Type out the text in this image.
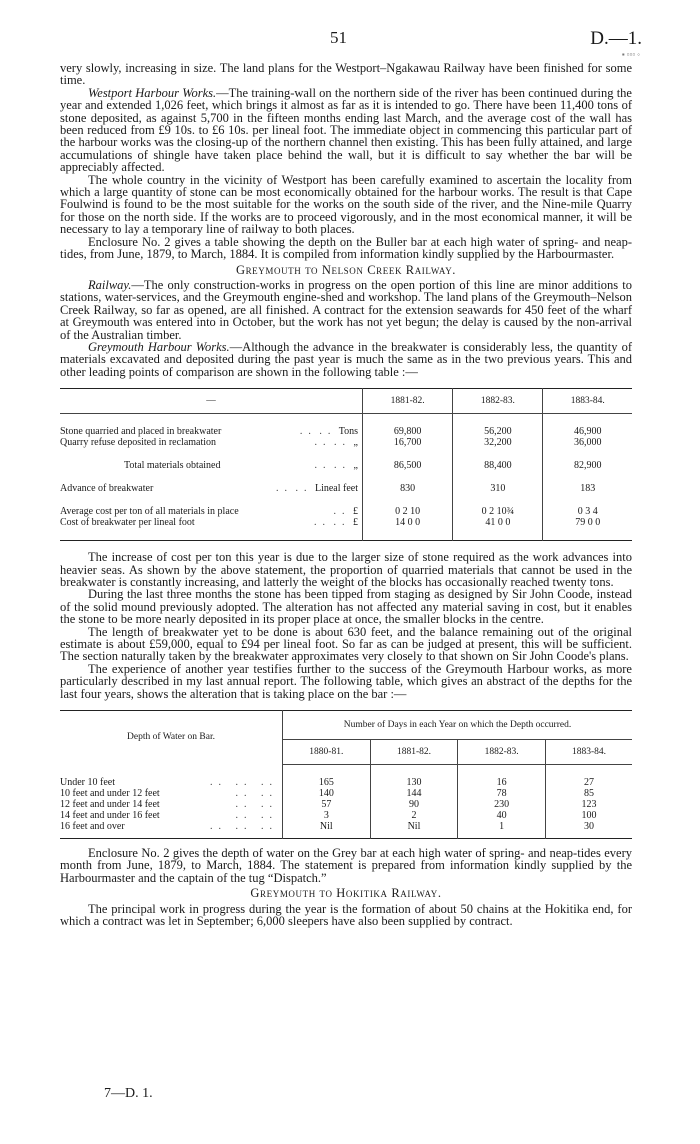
51	D.—1.
▪ ▫▫▫ ◦

very slowly, increasing in size. The land plans for the Westport–Ngakawau Railway have been finished for some time.

Westport Harbour Works.—The training-wall on the northern side of the river has been continued during the year and extended 1,026 feet, which brings it almost as far as it is intended to go. There have been 11,400 tons of stone deposited, as against 5,700 in the fifteen months ending last March, and the average cost of the wall has been reduced from £9 10s. to £6 10s. per lineal foot. The immediate object in commencing this particular part of the harbour works was the closing-up of the northern channel then existing. This has been fully attained, and large accumulations of shingle have taken place behind the wall, but it is difficult to say whether the bar will be appreciably affected.

The whole country in the vicinity of Westport has been carefully examined to ascertain the locality from which a large quantity of stone can be most economically obtained for the harbour works. The result is that Cape Foulwind is found to be the most suitable for the works on the south side of the river, and the Nine-mile Quarry for those on the north side. If the works are to proceed vigorously, and in the most economical manner, it will be necessary to lay a temporary line of railway to both places.

Enclosure No. 2 gives a table showing the depth on the Buller bar at each high water of spring- and neap-tides, from June, 1879, to March, 1884. It is compiled from information kindly supplied by the Harbourmaster.

Greymouth to Nelson Creek Railway.

Railway.—The only construction-works in progress on the open portion of this line are minor additions to stations, water-services, and the Greymouth engine-shed and workshop. The land plans of the Greymouth–Nelson Creek Railway, so far as opened, are all finished. A contract for the extension seawards for 450 feet of the wharf at Greymouth was entered into in October, but the work has not yet begun; the delay is caused by the non-arrival of the Australian timber.

Greymouth Harbour Works.—Although the advance in the breakwater is considerably less, the quantity of materials excavated and deposited during the past year is much the same as in the two previous years. This and other leading points of comparison are shown in the following table :—

—	1881-82.	1882-83.	1883-84.

Stone quarried and placed in breakwater .. .. Tons	69,800	56,200	46,900

Quarry refuse deposited in reclamation .. .. „	16,700	32,200	36,000

Total materials obtained .. .. „	86,500	88,400	82,900

Advance of breakwater .. .. Lineal feet	830	310	183

Average cost per ton of all materials in place .. £	0 2 10	0 2 10¾	0 3 4

Cost of breakwater per lineal foot .. .. £	14 0 0	41 0 0	79 0 0

The increase of cost per ton this year is due to the larger size of stone required as the work advances into heavier seas. As shown by the above statement, the proportion of quarried materials that cannot be used in the breakwater is constantly increasing, and latterly the weight of the blocks has occasionally reached twenty tons.

During the last three months the stone has been tipped from staging as designed by Sir John Coode, instead of the solid mound previously adopted. The alteration has not affected any material saving in cost, but it enables the stone to be more nearly deposited in its proper place at once, the smaller blocks in the centre.

The length of breakwater yet to be done is about 630 feet, and the balance remaining out of the original estimate is about £59,000, equal to £94 per lineal foot. So far as can be judged at present, this will be sufficient. The section naturally taken by the breakwater approximates very closely to that shown on Sir John Coode's plans.

The experience of another year testifies further to the success of the Greymouth Harbour works, as more particularly described in my last annual report. The following table, which gives an abstract of the depths for the last four years, shows the alteration that is taking place on the bar :—

Depth of Water on Bar.	Number of Days in each Year on which the Depth occurred.			
	1880-81.	1881-82.	1882-83.	1883-84.

Under 10 feet .. .. ..	165	130	16	27

10 feet and under 12 feet .. ..	140	144	78	85

12 feet and under 14 feet .. ..	57	90	230	123

14 feet and under 16 feet .. ..	3	2	40	100

16 feet and over .. .. ..	Nil	Nil	1	30

Enclosure No. 2 gives the depth of water on the Grey bar at each high water of spring- and neap-tides every month from June, 1879, to March, 1884. The statement is prepared from information kindly supplied by the Harbourmaster and the captain of the tug “Dispatch.”

Greymouth to Hokitika Railway.

The principal work in progress during the year is the formation of about 50 chains at the Hokitika end, for which a contract was let in September; 6,000 sleepers have also been supplied by contract.

7—D. 1.
